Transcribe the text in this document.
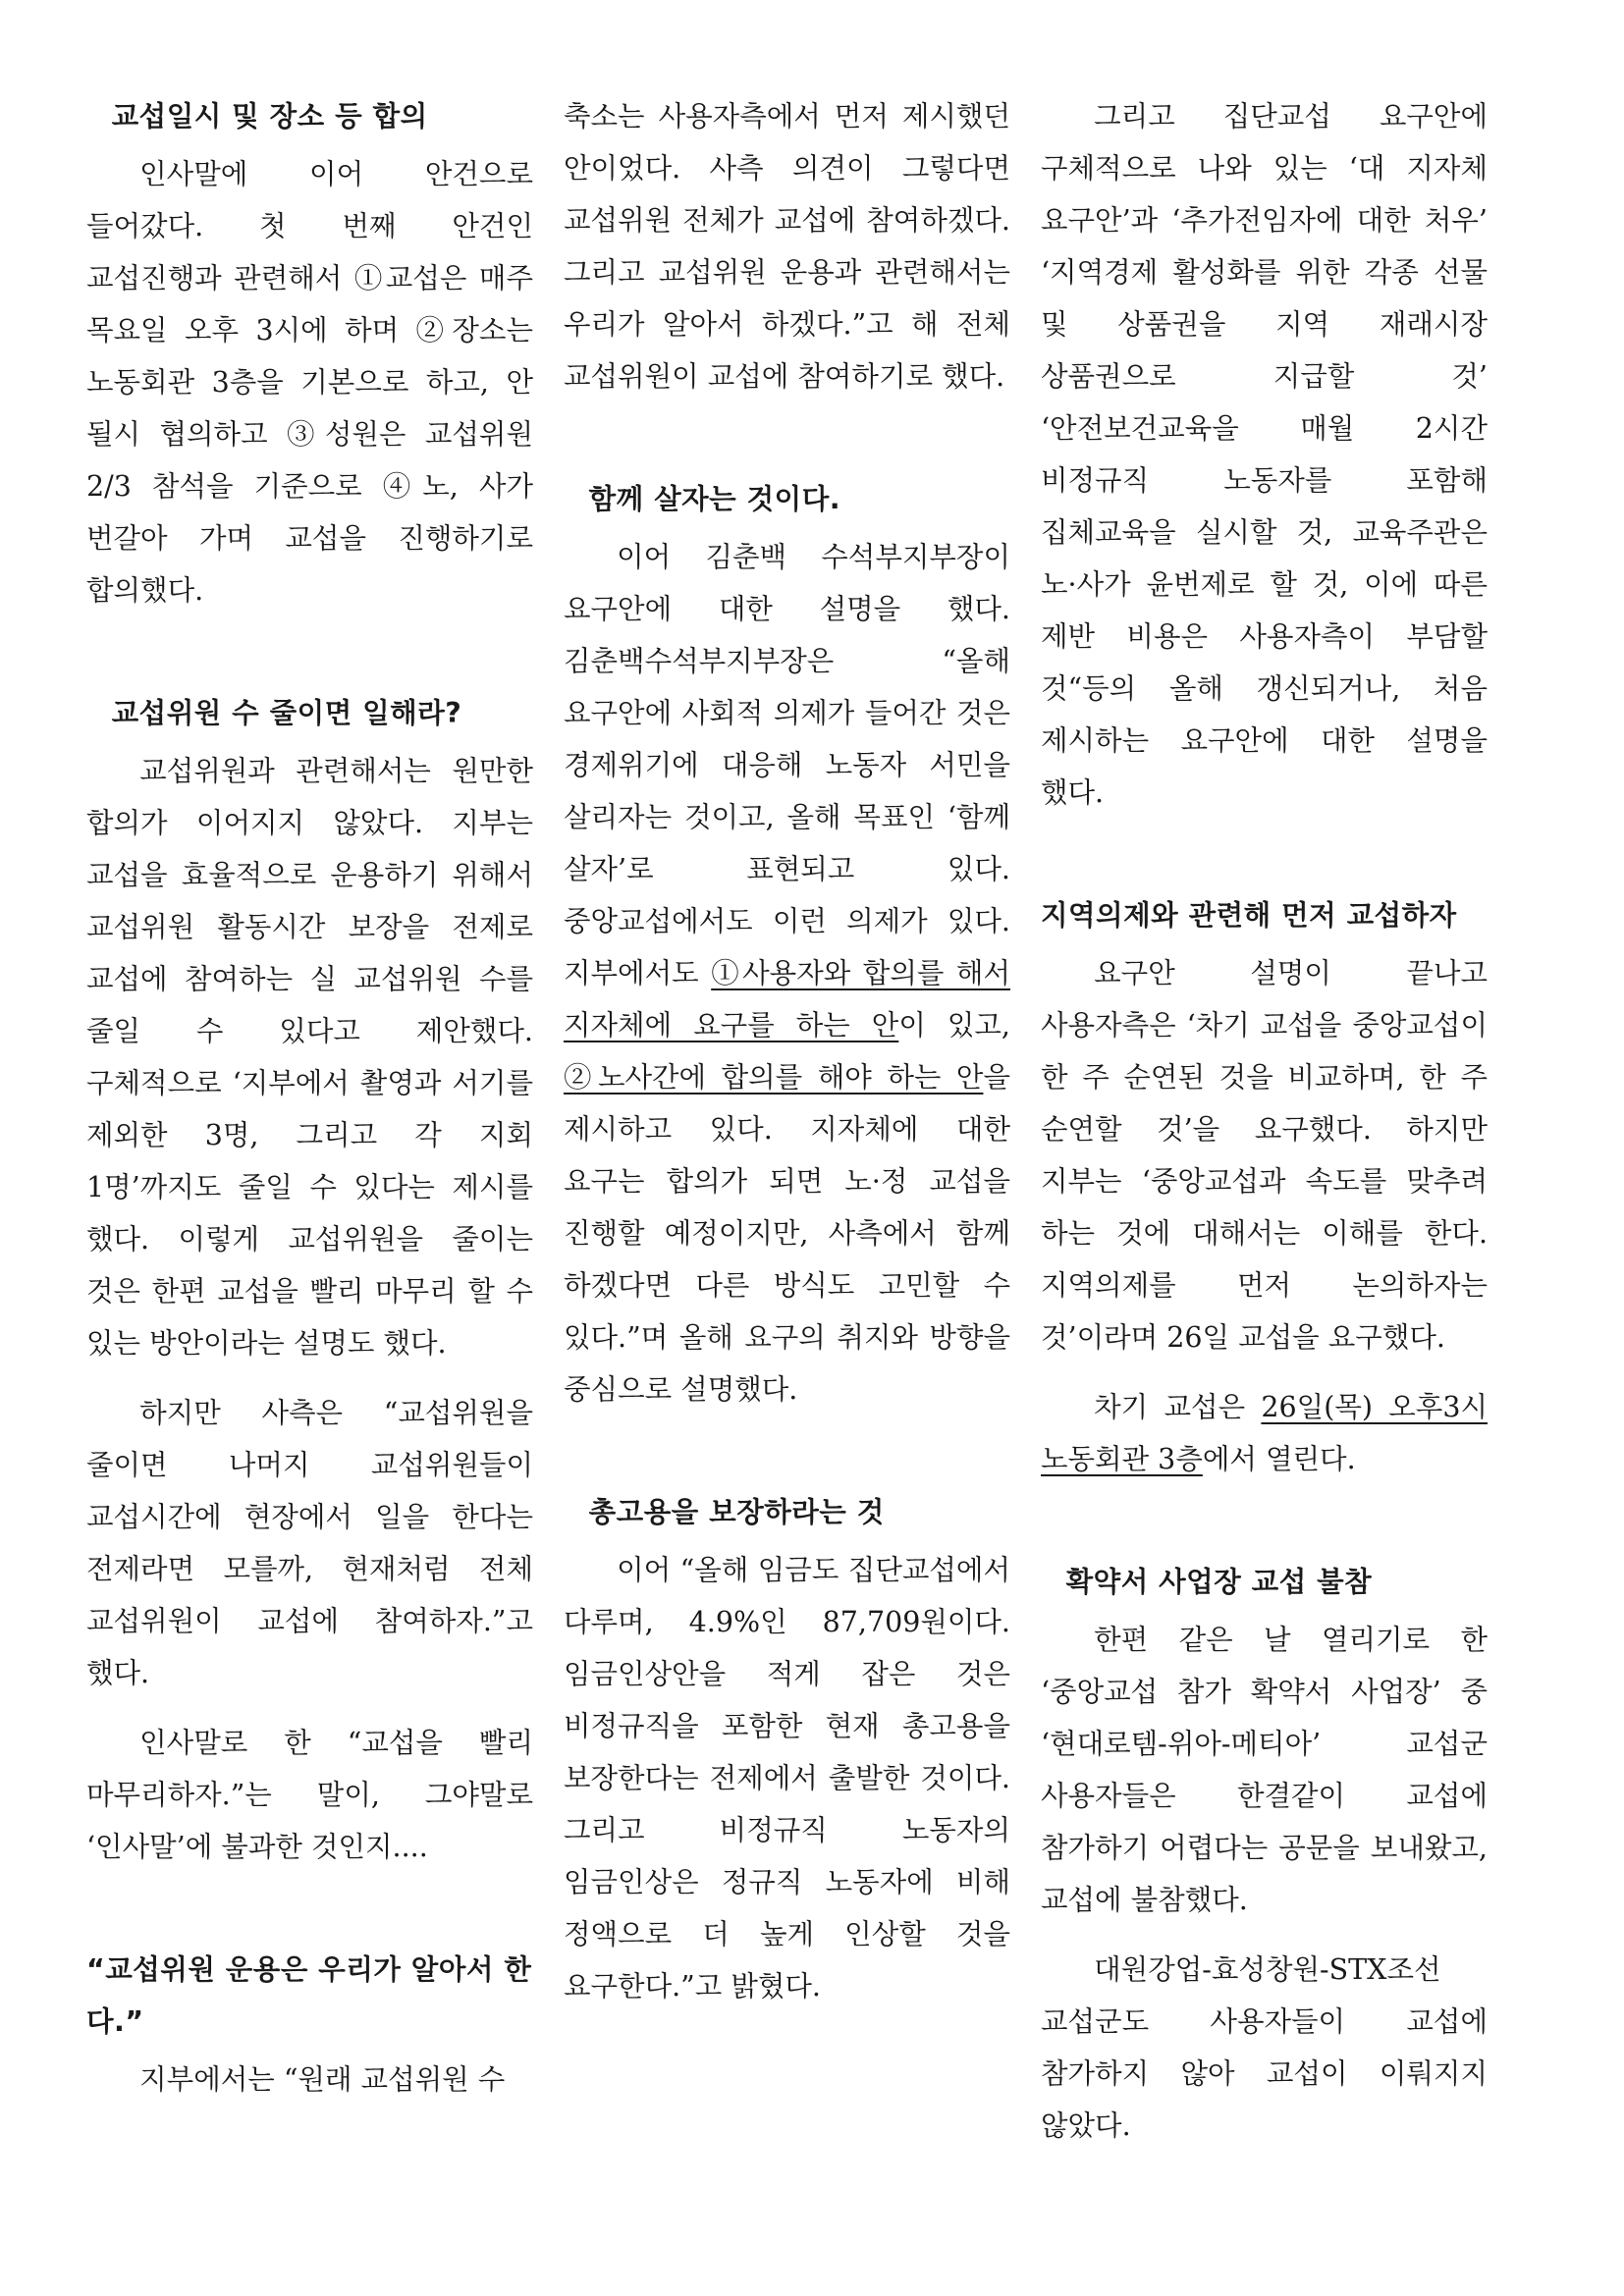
교섭일시 및 장소 등 합의

인사말에 이어 안건으로 들어갔다. 첫 번째 안건인 교섭진행과 관련해서 ①교섭은 매주 목요일 오후 3시에 하며 ②장소는 노동회관 3층을 기본으로 하고, 안 될시 협의하고 ③성원은 교섭위원 2/3 참석을 기준으로 ④노, 사가 번갈아 가며 교섭을 진행하기로 합의했다.

교섭위원 수 줄이면 일해라?

교섭위원과 관련해서는 원만한 합의가 이어지지 않았다. 지부는 교섭을 효율적으로 운용하기 위해서 교섭위원 활동시간 보장을 전제로 교섭에 참여하는 실 교섭위원 수를 줄일 수 있다고 제안했다. 구체적으로 ‘지부에서 촬영과 서기를 제외한 3명, 그리고 각 지회 1명’까지도 줄일 수 있다는 제시를 했다. 이렇게 교섭위원을 줄이는 것은 한편 교섭을 빨리 마무리 할 수 있는 방안이라는 설명도 했다.

하지만 사측은 “교섭위원을 줄이면 나머지 교섭위원들이 교섭시간에 현장에서 일을 한다는 전제라면 모를까, 현재처럼 전체 교섭위원이 교섭에 참여하자.”고 했다.

인사말로 한 “교섭을 빨리 마무리하자.”는 말이, 그야말로 ‘인사말’에 불과한 것인지....

“교섭위원 운용은 우리가 알아서 한다.”

지부에서는 “원래 교섭위원 수

축소는 사용자측에서 먼저 제시했던 안이었다. 사측 의견이 그렇다면 교섭위원 전체가 교섭에 참여하겠다. 그리고 교섭위원 운용과 관련해서는 우리가 알아서 하겠다.”고 해 전체 교섭위원이 교섭에 참여하기로 했다.

함께 살자는 것이다.

이어 김춘백 수석부지부장이 요구안에 대한 설명을 했다. 김춘백수석부지부장은 “올해 요구안에 사회적 의제가 들어간 것은 경제위기에 대응해 노동자 서민을 살리자는 것이고, 올해 목표인 ‘함께 살자’로 표현되고 있다. 중앙교섭에서도 이런 의제가 있다. 지부에서도 ①사용자와 합의를 해서 지자체에 요구를 하는 안이 있고, ②노사간에 합의를 해야 하는 안을 제시하고 있다. 지자체에 대한 요구는 합의가 되면 노·정 교섭을 진행할 예정이지만, 사측에서 함께 하겠다면 다른 방식도 고민할 수 있다.”며 올해 요구의 취지와 방향을 중심으로 설명했다.

총고용을 보장하라는 것

이어 “올해 임금도 집단교섭에서 다루며, 4.9%인 87,709원이다. 임금인상안을 적게 잡은 것은 비정규직을 포함한 현재 총고용을 보장한다는 전제에서 출발한 것이다. 그리고 비정규직 노동자의 임금인상은 정규직 노동자에 비해 정액으로 더 높게 인상할 것을 요구한다.”고 밝혔다.

그리고 집단교섭 요구안에 구체적으로 나와 있는 ‘대 지자체 요구안’과 ‘추가전임자에 대한 처우’ ‘지역경제 활성화를 위한 각종 선물 및 상품권을 지역 재래시장 상품권으로 지급할 것’ ‘안전보건교육을 매월 2시간 비정규직 노동자를 포함해 집체교육을 실시할 것, 교육주관은 노·사가 윤번제로 할 것, 이에 따른 제반 비용은 사용자측이 부담할 것“등의 올해 갱신되거나, 처음 제시하는 요구안에 대한 설명을 했다.

지역의제와 관련해 먼저 교섭하자

요구안 설명이 끝나고 사용자측은 ‘차기 교섭을 중앙교섭이 한 주 순연된 것을 비교하며, 한 주 순연할 것’을 요구했다. 하지만 지부는 ‘중앙교섭과 속도를 맞추려 하는 것에 대해서는 이해를 한다. 지역의제를 먼저 논의하자는 것’이라며 26일 교섭을 요구했다.

차기 교섭은 26일(목) 오후3시 노동회관 3층에서 열린다.

확약서 사업장 교섭 불참

한편 같은 날 열리기로 한 ‘중앙교섭 참가 확약서 사업장’ 중 ‘현대로템-위아-메티아’ 교섭군 사용자들은 한결같이 교섭에 참가하기 어렵다는 공문을 보내왔고, 교섭에 불참했다.

대원강업-효성창원-STX조선 교섭군도 사용자들이 교섭에 참가하지 않아 교섭이 이뤄지지 않았다.
